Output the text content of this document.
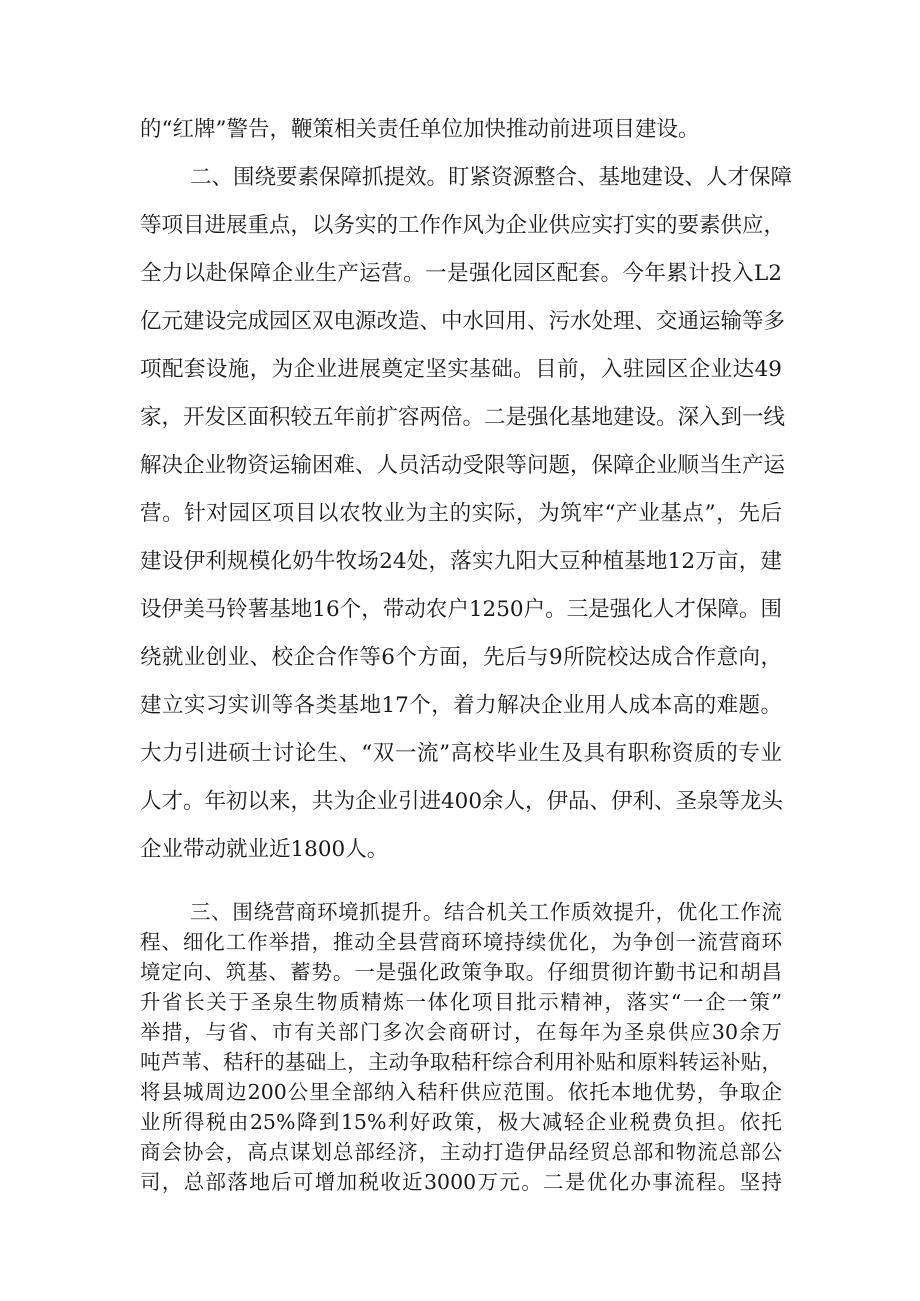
的“红牌”警告，鞭策相关责任单位加快推动前进项目建设。
二、围绕要素保障抓提效。盯紧资源整合、基地建设、人才保障
等项目进展重点，以务实的工作作风为企业供应实打实的要素供应，
全力以赴保障企业生产运营。一是强化园区配套。今年累计投入L2
亿元建设完成园区双电源改造、中水回用、污水处理、交通运输等多
项配套设施，为企业进展奠定坚实基础。目前，入驻园区企业达49
家，开发区面积较五年前扩容两倍。二是强化基地建设。深入到一线
解决企业物资运输困难、人员活动受限等问题，保障企业顺当生产运
营。针对园区项目以农牧业为主的实际，为筑牢“产业基点”，先后
建设伊利规模化奶牛牧场24处，落实九阳大豆种植基地12万亩，建
设伊美马铃薯基地16个，带动农户1250户。三是强化人才保障。围
绕就业创业、校企合作等6个方面，先后与9所院校达成合作意向，
建立实习实训等各类基地17个，着力解决企业用人成本高的难题。
大力引进硕士讨论生、“双一流”高校毕业生及具有职称资质的专业
人才。年初以来，共为企业引进400余人，伊品、伊利、圣泉等龙头
企业带动就业近1800人。
三、围绕营商环境抓提升。结合机关工作质效提升，优化工作流
程、细化工作举措，推动全县营商环境持续优化，为争创一流营商环
境定向、筑基、蓄势。一是强化政策争取。仔细贯彻许勤书记和胡昌
升省长关于圣泉生物质精炼一体化项目批示精神，落实“一企一策”
举措，与省、市有关部门多次会商研讨，在每年为圣泉供应30余万
吨芦苇、秸秆的基础上，主动争取秸秆综合利用补贴和原料转运补贴，
将县城周边200公里全部纳入秸秆供应范围。依托本地优势，争取企
业所得税由25%降到15%利好政策，极大减轻企业税费负担。依托
商会协会，高点谋划总部经济，主动打造伊品经贸总部和物流总部公
司，总部落地后可增加税收近3000万元。二是优化办事流程。坚持
